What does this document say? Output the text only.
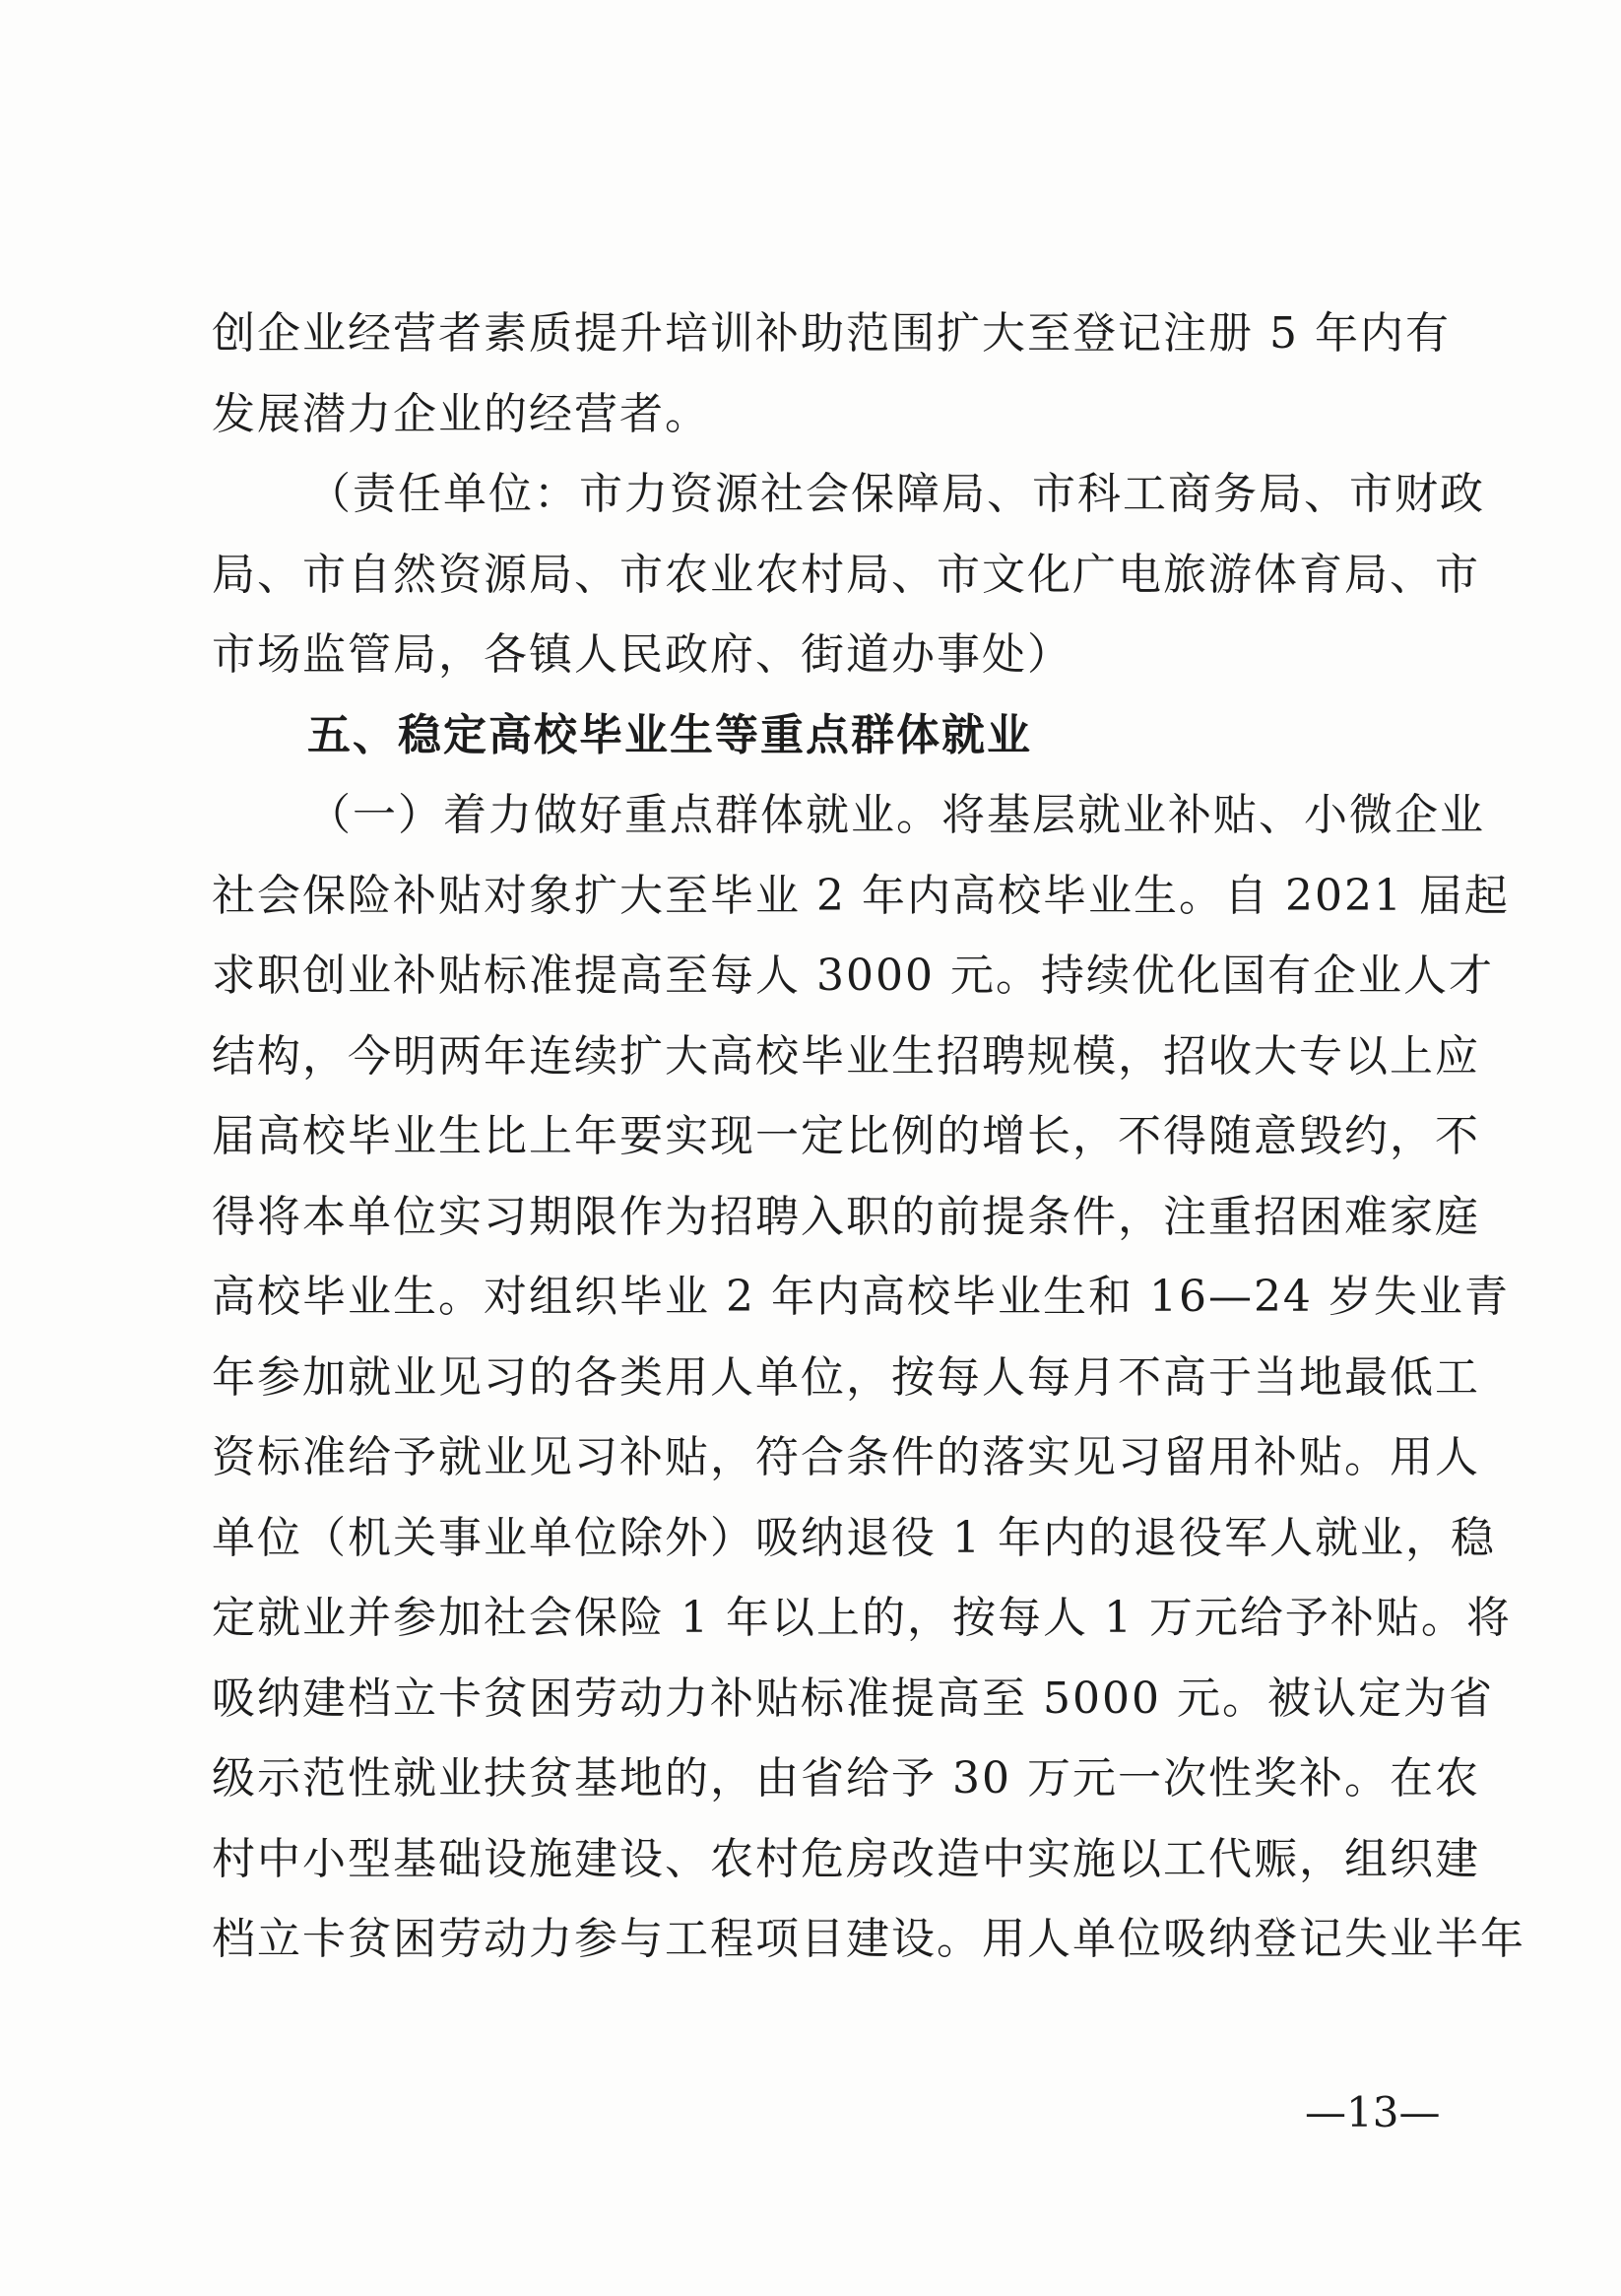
创企业经营者素质提升培训补助范围扩大至登记注册 5 年内有
发展潜力企业的经营者。
（责任单位：市力资源社会保障局、市科工商务局、市财政
局、市自然资源局、市农业农村局、市文化广电旅游体育局、市
市场监管局，各镇人民政府、街道办事处）
五、稳定高校毕业生等重点群体就业
（一）着力做好重点群体就业。将基层就业补贴、小微企业
社会保险补贴对象扩大至毕业 2 年内高校毕业生。自 2021 届起
求职创业补贴标准提高至每人 3000 元。持续优化国有企业人才
结构，今明两年连续扩大高校毕业生招聘规模，招收大专以上应
届高校毕业生比上年要实现一定比例的增长，不得随意毁约，不
得将本单位实习期限作为招聘入职的前提条件，注重招困难家庭
高校毕业生。对组织毕业 2 年内高校毕业生和 16—24 岁失业青
年参加就业见习的各类用人单位，按每人每月不高于当地最低工
资标准给予就业见习补贴，符合条件的落实见习留用补贴。用人
单位（机关事业单位除外）吸纳退役 1 年内的退役军人就业，稳
定就业并参加社会保险 1 年以上的，按每人 1 万元给予补贴。将
吸纳建档立卡贫困劳动力补贴标准提高至 5000 元。被认定为省
级示范性就业扶贫基地的，由省给予 30 万元一次性奖补。在农
村中小型基础设施建设、农村危房改造中实施以工代赈，组织建
档立卡贫困劳动力参与工程项目建设。用人单位吸纳登记失业半年
—13—
